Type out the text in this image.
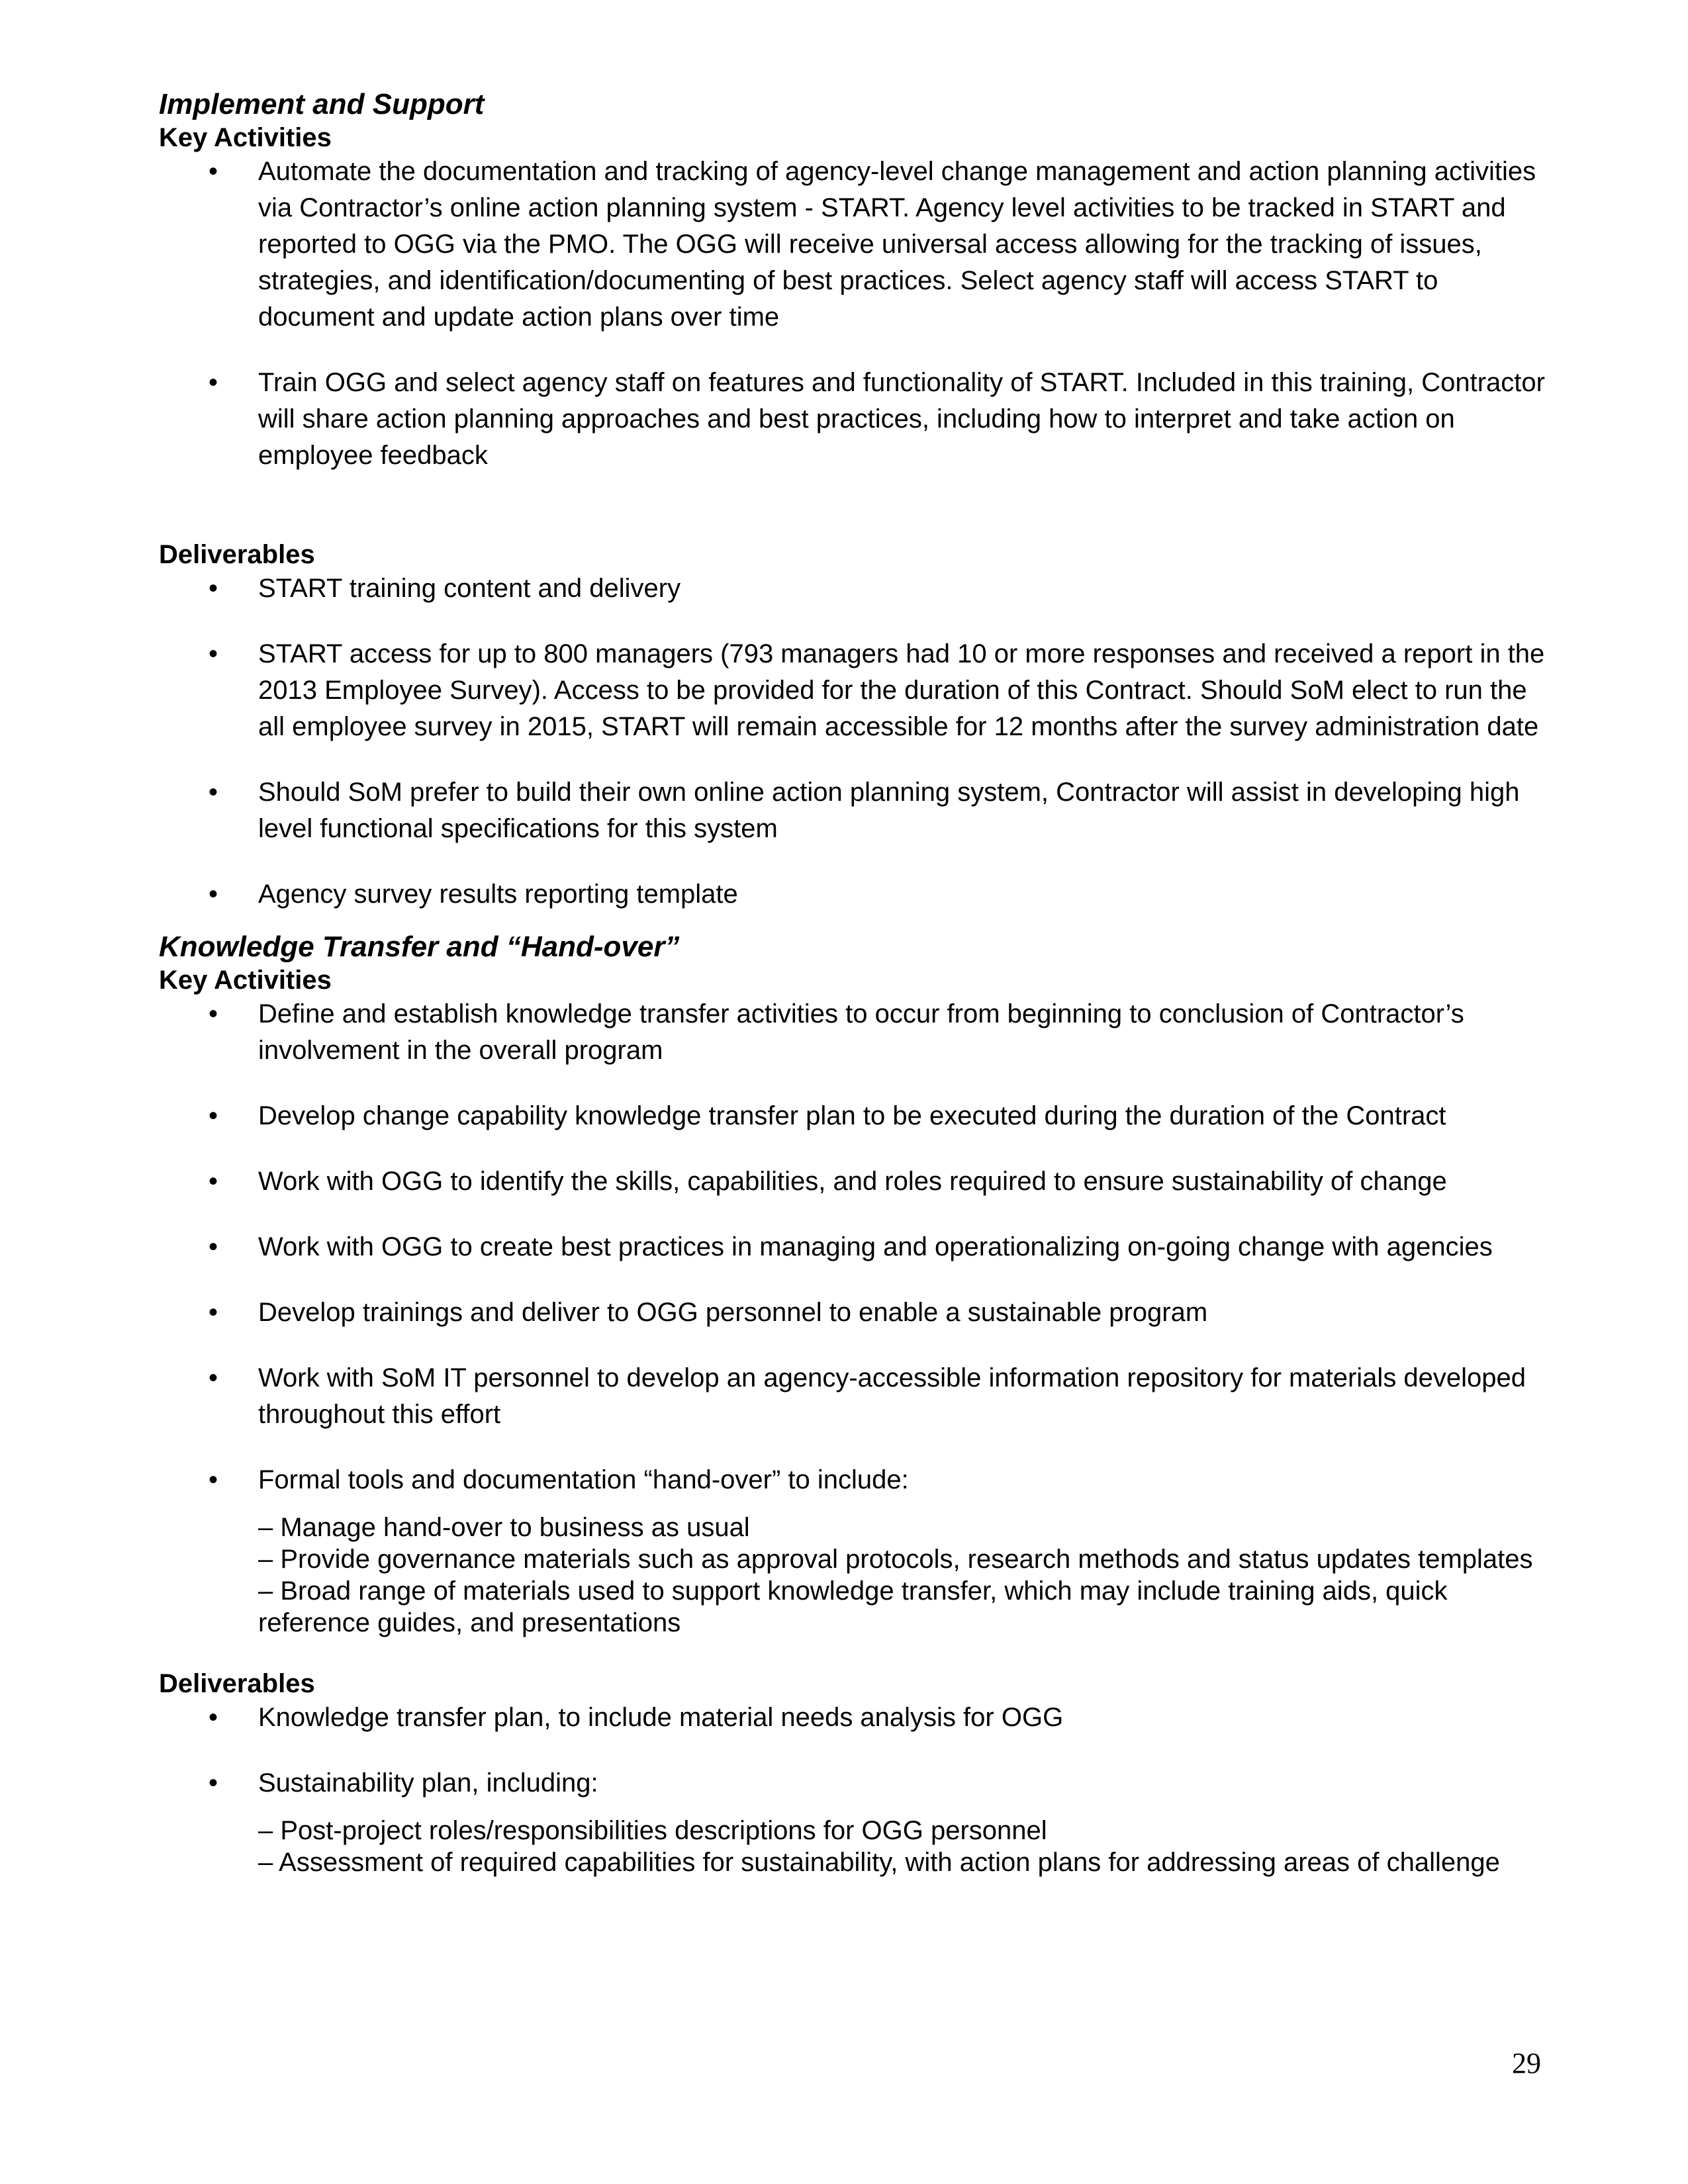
Implement and Support

Key Activities

• Automate the documentation and tracking of agency-level change management and action planning activities via Contractor’s online action planning system - START. Agency level activities to be tracked in START and reported to OGG via the PMO. The OGG will receive universal access allowing for the tracking of issues, strategies, and identification/documenting of best practices. Select agency staff will access START to document and update action plans over time
• Train OGG and select agency staff on features and functionality of START. Included in this training, Contractor will share action planning approaches and best practices, including how to interpret and take action on employee feedback

Deliverables

• START training content and delivery
• START access for up to 800 managers (793 managers had 10 or more responses and received a report in the 2013 Employee Survey). Access to be provided for the duration of this Contract. Should SoM elect to run the all employee survey in 2015, START will remain accessible for 12 months after the survey administration date
• Should SoM prefer to build their own online action planning system, Contractor will assist in developing high level functional specifications for this system
• Agency survey results reporting template
Knowledge Transfer and “Hand-over”

Key Activities

• Define and establish knowledge transfer activities to occur from beginning to conclusion of Contractor’s involvement in the overall program
• Develop change capability knowledge transfer plan to be executed during the duration of the Contract
• Work with OGG to identify the skills, capabilities, and roles required to ensure sustainability of change
• Work with OGG to create best practices in managing and operationalizing on-going change with agencies
• Develop trainings and deliver to OGG personnel to enable a sustainable program
• Work with SoM IT personnel to develop an agency-accessible information repository for materials developed throughout this effort
• Formal tools and documentation “hand-over” to include:
– Manage hand-over to business as usual
– Provide governance materials such as approval protocols, research methods and status updates templates
– Broad range of materials used to support knowledge transfer, which may include training aids, quick reference guides, and presentations

Deliverables

• Knowledge transfer plan, to include material needs analysis for OGG
• Sustainability plan, including:
– Post-project roles/responsibilities descriptions for OGG personnel
– Assessment of required capabilities for sustainability, with action plans for addressing areas of challenge
29
